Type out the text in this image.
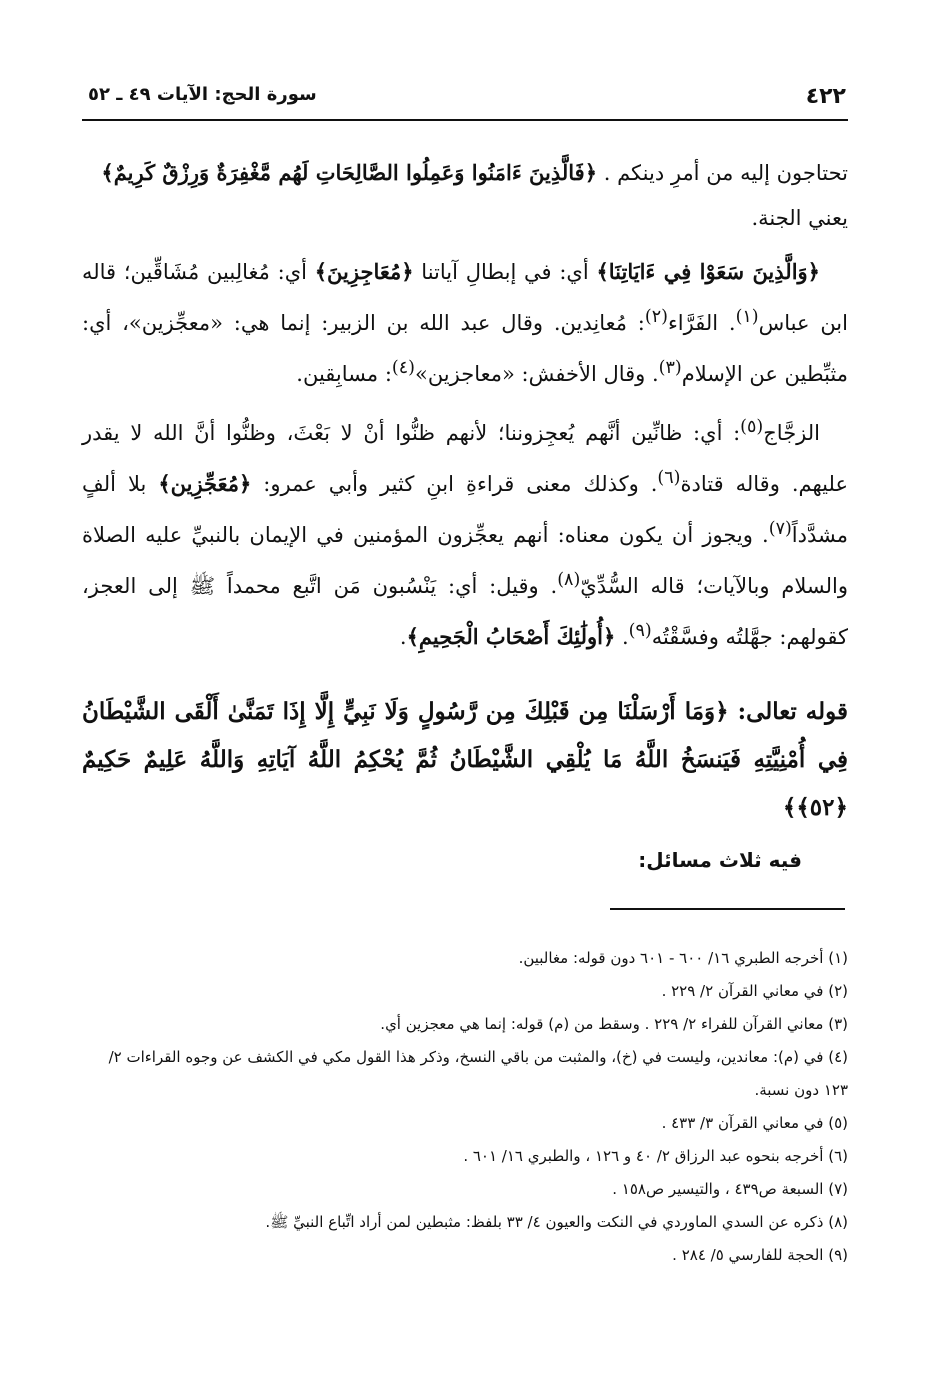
٤٢٢
سورة الحج: الآيات ٤٩ ـ ٥٢

تحتاجون إليه من أمرِ دينكم . ﴿فَالَّذِينَ ءَامَنُوا وَعَمِلُوا الصَّالِحَاتِ لَهُم مَّغْفِرَةٌ وَرِزْقٌ كَرِيمٌ﴾
يعني الجنة.

﴿وَالَّذِينَ سَعَوْا فِي ءَايَاتِنَا﴾ أي: في إبطالِ آياتنا ﴿مُعَاجِزِينَ﴾ أي: مُغالِبين مُشَاقِّين؛ قاله ابن عباس$^{(١)}$. الفَرَّاء$^{(٢)}$: مُعانِدين. وقال عبد الله بن الزبير: إنما هي: «معجِّزين»، أي: مثبِّطين عن الإسلام$^{(٣)}$. وقال الأخفش: «معاجزين»$^{(٤)}$: مسابِقين.

الزجَّاج$^{(٥)}$: أي: ظانِّين أنَّهم يُعجِزوننا؛ لأنهم ظنُّوا أنْ لا بَعْثَ، وظنُّوا أنَّ الله لا يقدر عليهم. وقاله قتادة$^{(٦)}$. وكذلك معنى قراءةِ ابنِ كثير وأبي عمرو: ﴿مُعَجِّزِين﴾ بلا ألفٍ مشدَّداً$^{(٧)}$. ويجوز أن يكون معناه: أنهم يعجِّزون المؤمنين في الإيمان بالنبيِّ عليه الصلاة والسلام وبالآيات؛ قاله السُّدِّيّ$^{(٨)}$. وقيل: أي: يَنْسُبون مَن اتَّبع محمداً ﷺ إلى العجز، كقولهم: جهَّلتُه وفسَّقْتُه$^{(٩)}$. ﴿أُولَٰئِكَ أَصْحَابُ الْجَحِيمِ﴾.

قوله تعالى: ﴿وَمَا أَرْسَلْنَا مِن قَبْلِكَ مِن رَّسُولٍ وَلَا نَبِيٍّ إِلَّا إِذَا تَمَنَّىٰ أَلْقَى الشَّيْطَانُ فِي أُمْنِيَّتِهِ فَيَنسَخُ اللَّهُ مَا يُلْقِي الشَّيْطَانُ ثُمَّ يُحْكِمُ اللَّهُ آيَاتِهِ وَاللَّهُ عَلِيمٌ حَكِيمٌ ﴿٥٢﴾﴾
فيه ثلاث مسائل:
(١) أخرجه الطبري ١٦/ ٦٠٠ - ٦٠١ دون قوله: مغالبين.
(٢) في معاني القرآن ٢/ ٢٢٩ .
(٣) معاني القرآن للفراء ٢/ ٢٢٩ . وسقط من (م) قوله: إنما هي معجزين أي.
(٤) في (م): معاندين، وليست في (خ)، والمثبت من باقي النسخ، وذكر هذا القول مكي في الكشف عن وجوه القراءات ٢/ ١٢٣ دون نسبة.
(٥) في معاني القرآن ٣/ ٤٣٣ .
(٦) أخرجه بنحوه عبد الرزاق ٢/ ٤٠ و ١٢٦ ، والطبري ١٦/ ٦٠١ .
(٧) السبعة ص٤٣٩ ، والتيسير ص١٥٨ .
(٨) ذكره عن السدي الماوردي في النكت والعيون ٤/ ٣٣ بلفظ: مثبطين لمن أراد اتِّباع النبيِّ ﷺ.
(٩) الحجة للفارسي ٥/ ٢٨٤ .
